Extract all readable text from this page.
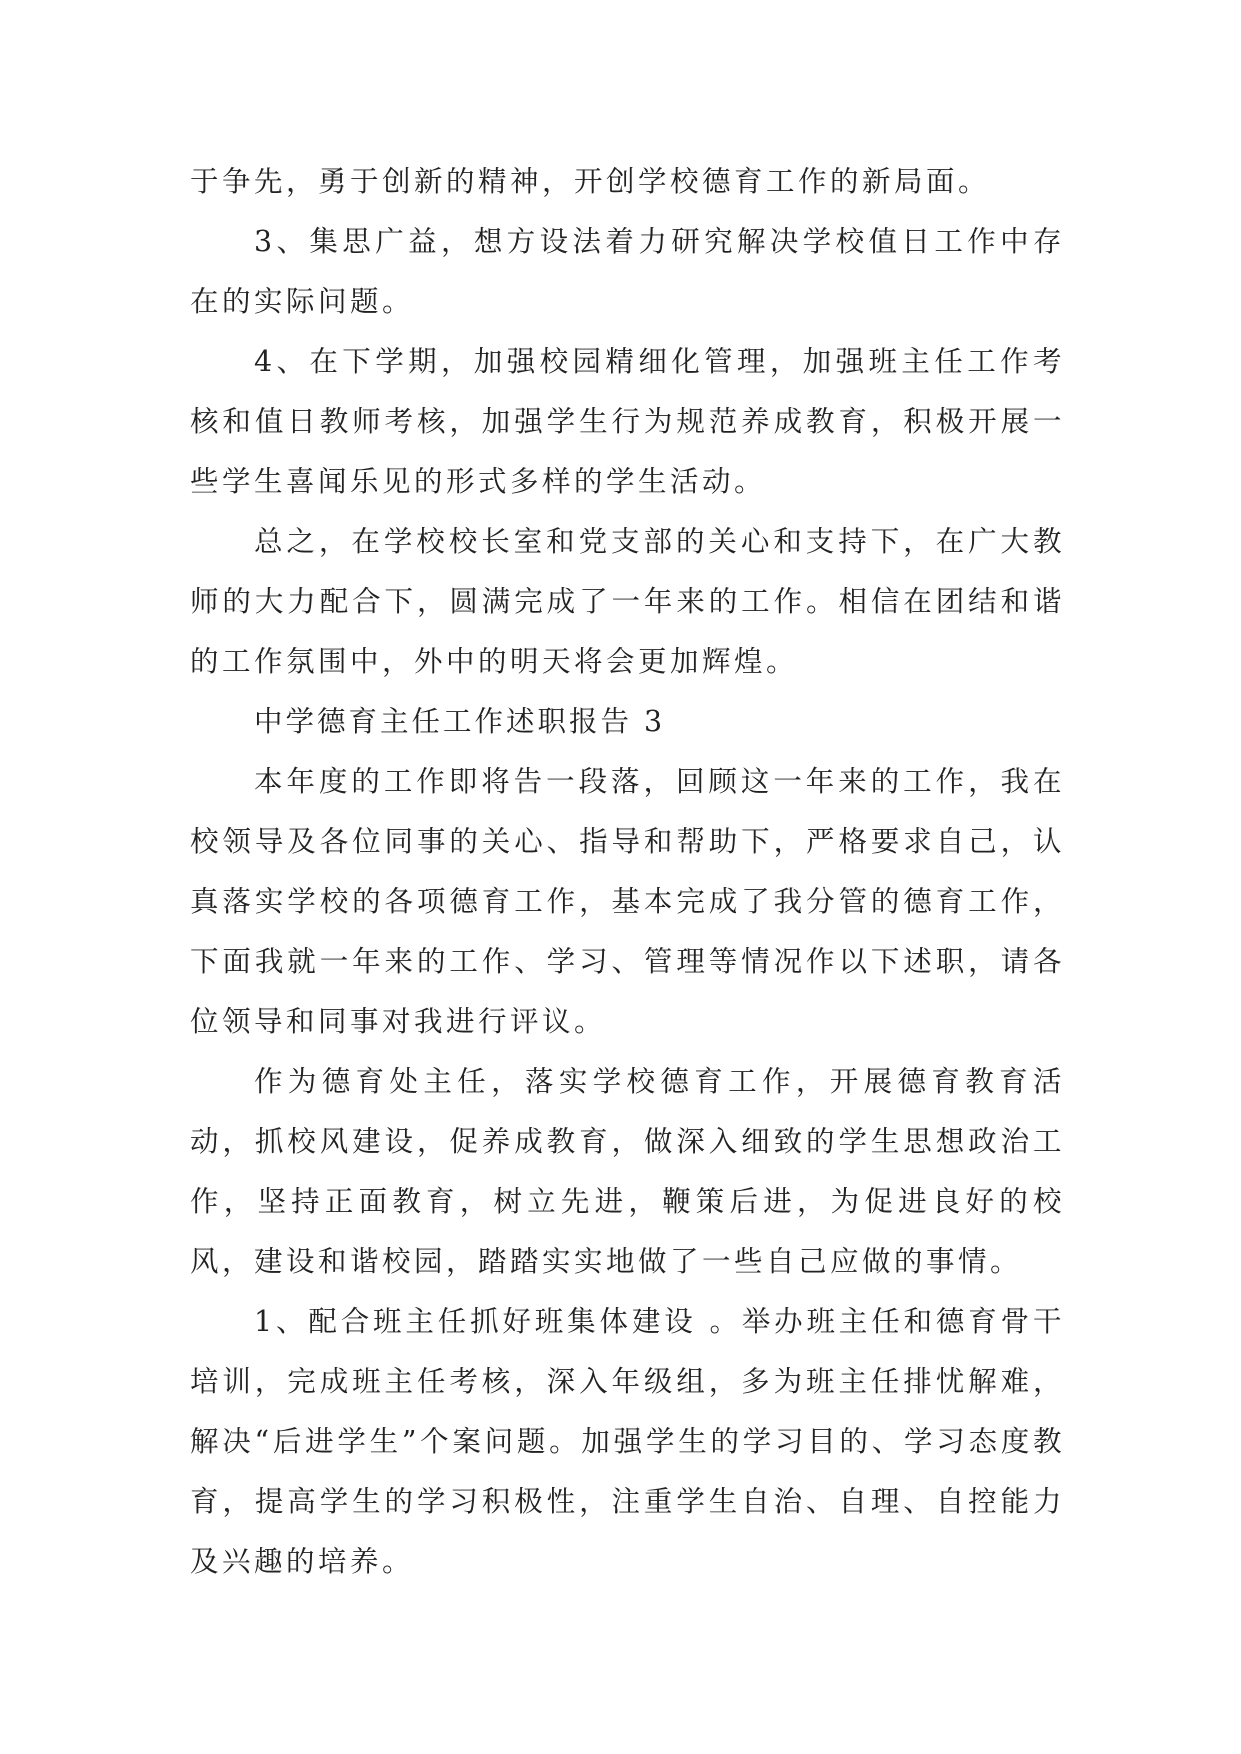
于争先，勇于创新的精神，开创学校德育工作的新局面。

3、集思广益，想方设法着力研究解决学校值日工作中存在的实际问题。

4、在下学期，加强校园精细化管理，加强班主任工作考核和值日教师考核，加强学生行为规范养成教育，积极开展一些学生喜闻乐见的形式多样的学生活动。

总之，在学校校长室和党支部的关心和支持下，在广大教师的大力配合下，圆满完成了一年来的工作。相信在团结和谐的工作氛围中，外中的明天将会更加辉煌。

中学德育主任工作述职报告 3

本年度的工作即将告一段落，回顾这一年来的工作，我在校领导及各位同事的关心、指导和帮助下，严格要求自己，认真落实学校的各项德育工作，基本完成了我分管的德育工作，下面我就一年来的工作、学习、管理等情况作以下述职，请各位领导和同事对我进行评议。

作为德育处主任，落实学校德育工作，开展德育教育活动，抓校风建设，促养成教育，做深入细致的学生思想政治工作，坚持正面教育，树立先进，鞭策后进，为促进良好的校风，建设和谐校园，踏踏实实地做了一些自己应做的事情。

1、配合班主任抓好班集体建设 。举办班主任和德育骨干培训，完成班主任考核，深入年级组，多为班主任排忧解难，解决“后进学生”个案问题。加强学生的学习目的、学习态度教育，提高学生的学习积极性，注重学生自治、自理、自控能力及兴趣的培养。
